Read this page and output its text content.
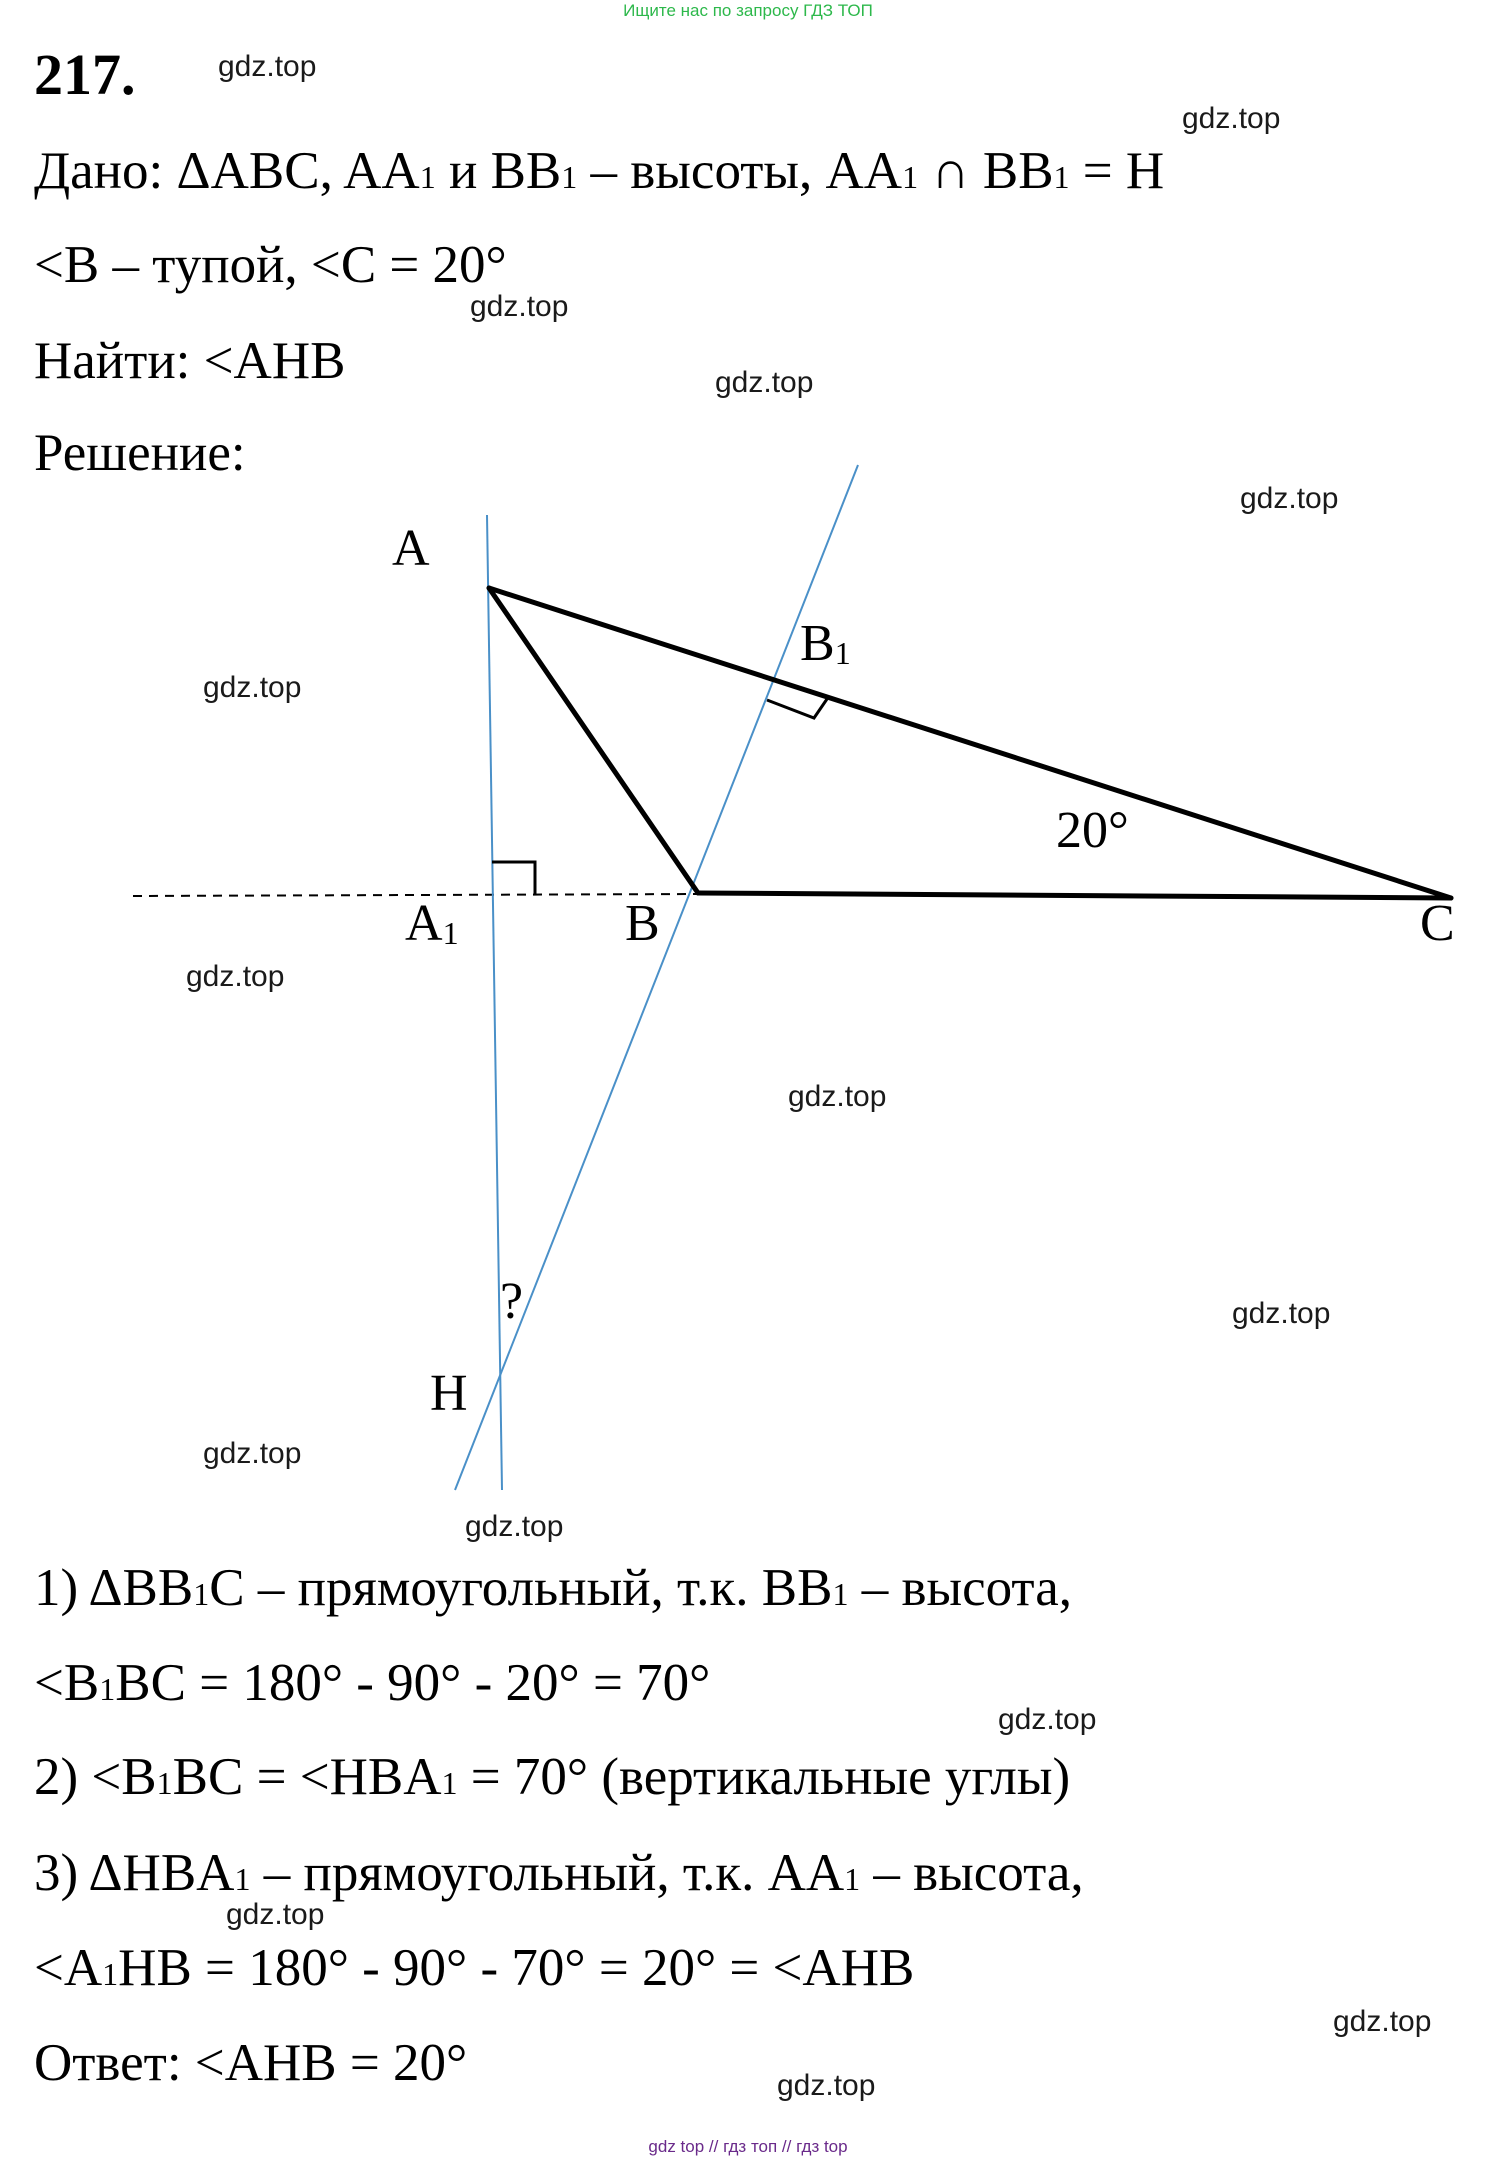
Ищите нас по запросу ГДЗ ТОП
217.
Дано: ΔABC, AA1 и BB1 – высоты, AA1 ∩ BB1 = H
<B – тупой, <C = 20°
Найти: <AHB
Решение:
A
B1
20°
A1	B	C
?
H
1) ΔBB1C – прямоугольный, т.к. BB1 – высота,
<B1BC = 180° - 90° - 20° = 70°
2) <B1BC = <HBA1 = 70° (вертикальные углы)
3) ΔHBA1 – прямоугольный, т.к. AA1 – высота,
<A1HB = 180° - 90° - 70° = 20° = <AHB
Ответ: <AHB = 20°
gdz.top
gdz.top
gdz.top
gdz.top
gdz.top
gdz.top
gdz.top
gdz.top
gdz.top
gdz.top
gdz.top
gdz.top
gdz.top
gdz.top
gdz.top
gdz top // гдз топ // гдз top
